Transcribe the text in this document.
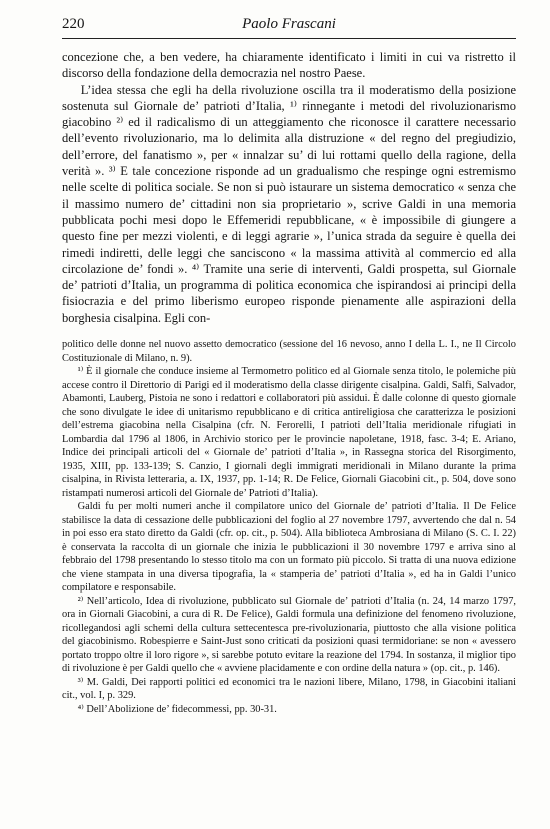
220	Paolo Frascani

concezione che, a ben vedere, ha chiaramente identificato i limiti in cui va ristretto il discorso della fondazione della democrazia nel nostro Paese.

L’idea stessa che egli ha della rivoluzione oscilla tra il moderatismo della posizione sostenuta sul Giornale de’ patrioti d’Italia, ¹⁾ rinnegante i metodi del rivoluzionarismo giacobino ²⁾ ed il radicalismo di un atteggiamento che riconosce il carattere necessario dell’evento rivoluzionario, ma lo delimita alla distruzione « del regno del pregiudizio, dell’errore, del fanatismo », per « innalzar su’ di lui rottami quello della ragione, della verità ». ³⁾ E tale concezione risponde ad un gradualismo che respinge ogni estremismo nelle scelte di politica sociale. Se non si può istaurare un sistema democratico « senza che il massimo numero de’ cittadini non sia proprietario », scrive Galdi in una memoria pubblicata pochi mesi dopo le Effemeridi repubblicane, « è impossibile di giungere a questo fine per mezzi violenti, e di leggi agrarie », l’unica strada da seguire è quella dei rimedi indiretti, delle leggi che sanciscono « la massima attività al commercio ed alla circolazione de’ fondi ». ⁴⁾ Tramite una serie di interventi, Galdi prospetta, sul Giornale de’ patrioti d’Italia, un programma di politica economica che ispirandosi ai principi della fisiocrazia e del primo liberismo europeo risponde pienamente alle aspirazioni della borghesia cisalpina. Egli con-

politico delle donne nel nuovo assetto democratico (sessione del 16 nevoso, anno I della L. I., ne Il Circolo Costituzionale di Milano, n. 9).

¹⁾ È il giornale che conduce insieme al Termometro politico ed al Giornale senza titolo, le polemiche più accese contro il Direttorio di Parigi ed il moderatismo della classe dirigente cisalpina. Galdi, Salfi, Salvador, Abamonti, Lauberg, Pistoia ne sono i redattori e collaboratori più assidui. È dalle colonne di questo giornale che sono divulgate le idee di unitarismo repubblicano e di critica antireligiosa che caratterizza le posizioni dell’estrema giacobina nella Cisalpina (cfr. N. Ferorelli, I patrioti dell’Italia meridionale rifugiati in Lombardia dal 1796 al 1806, in Archivio storico per le provincie napoletane, 1918, fasc. 3-4; E. Ariano, Indice dei principali articoli del « Giornale de’ patrioti d’Italia », in Rassegna storica del Risorgimento, 1935, XIII, pp. 133-139; S. Canzio, I giornali degli immigrati meridionali in Milano durante la prima cisalpina, in Rivista letteraria, a. IX, 1937, pp. 1-14; R. De Felice, Giornali Giacobini cit., p. 504, dove sono ristampati numerosi articoli del Giornale de’ Patrioti d’Italia).

Galdi fu per molti numeri anche il compilatore unico del Giornale de’ patrioti d’Italia. Il De Felice stabilisce la data di cessazione delle pubblicazioni del foglio al 27 novembre 1797, avvertendo che dal n. 54 in poi esso era stato diretto da Galdi (cfr. op. cit., p. 504). Alla biblioteca Ambrosiana di Milano (S. C. I. 22) è conservata la raccolta di un giornale che inizia le pubblicazioni il 30 novembre 1797 e arriva sino al febbraio del 1798 presentando lo stesso titolo ma con un formato più piccolo. Si tratta di una nuova edizione che viene stampata in una diversa tipografia, la « stamperia de’ patrioti d’Italia », ed ha in Galdi l’unico compilatore e responsabile.

²⁾ Nell’articolo, Idea di rivoluzione, pubblicato sul Giornale de’ patrioti d’Italia (n. 24, 14 marzo 1797, ora in Giornali Giacobini, a cura di R. De Felice), Galdi formula una definizione del fenomeno rivoluzione, ricollegandosi agli schemi della cultura settecentesca pre-rivoluzionaria, piuttosto che alla visione politica del giacobinismo. Robespierre e Saint-Just sono criticati da posizioni quasi termidoriane: se non « avessero portato troppo oltre il loro rigore », si sarebbe potuto evitare la reazione del 1794. In sostanza, il miglior tipo di rivoluzione è per Galdi quello che « avviene placidamente e con ordine della natura » (op. cit., p. 146).

³⁾ M. Galdi, Dei rapporti politici ed economici tra le nazioni libere, Milano, 1798, in Giacobini italiani cit., vol. I, p. 329.

⁴⁾ Dell’Abolizione de’ fidecommessi, pp. 30-31.
